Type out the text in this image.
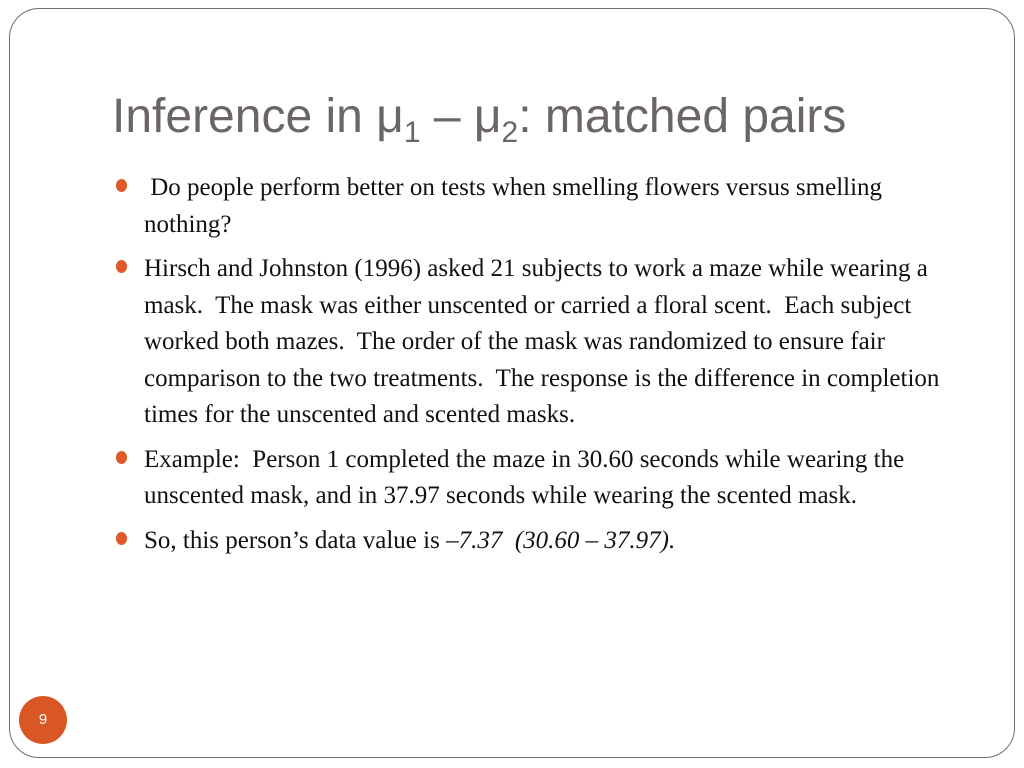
Inference in $\mu_1 - \mu_2$: matched pairs
Do people perform better on tests when smelling flowers versus smelling nothing?
Hirsch and Johnston (1996) asked 21 subjects to work a maze while wearing a mask.  The mask was either unscented or carried a floral scent.  Each subject worked both mazes.  The order of the mask was randomized to ensure fair comparison to the two treatments.  The response is the difference in completion times for the unscented and scented masks.
Example:  Person 1 completed the maze in 30.60 seconds while wearing the unscented mask, and in 37.97 seconds while wearing the scented mask.
So, this person’s data value is –7.37  (30.60 – 37.97).
9
